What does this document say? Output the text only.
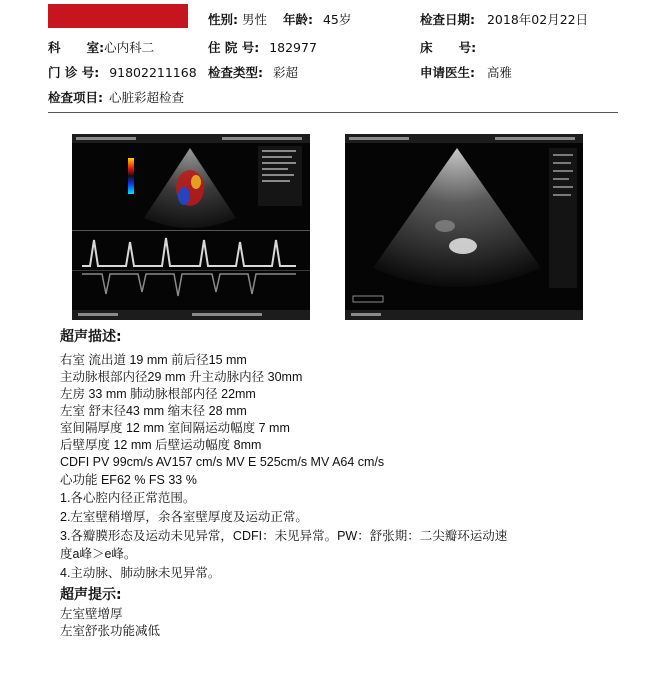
性别: 男性 年龄: 45岁	检查日期: 2018年02月22日
科      室:心内科二	住 院 号: 182977	床      号:
门 诊 号: 91802211168 检查类型: 彩超	申请医生: 高雅
检查项目: 心脏彩超检查
超声描述:
右室 流出道 19 mm 前后径15 mm
主动脉根部内径29 mm 升主动脉内径 30mm
左房 33 mm 肺动脉根部内径 22mm
左室 舒末径43 mm 缩末径 28 mm
室间隔厚度 12 mm 室间隔运动幅度 7 mm
后壁厚度 12 mm 后壁运动幅度 8mm
CDFI PV 99cm/s AV157 cm/s MV E 525cm/s MV A64 cm/s
心功能 EF62 % FS 33 %
1.各心腔内径正常范围。
2.左室壁稍增厚，余各室壁厚度及运动正常。
3.各瓣膜形态及运动未见异常，CDFI：未见异常。PW：舒张期：二尖瓣环运动速
度a峰＞e峰。
4.主动脉、肺动脉未见异常。
超声提示:
左室壁增厚
左室舒张功能减低
